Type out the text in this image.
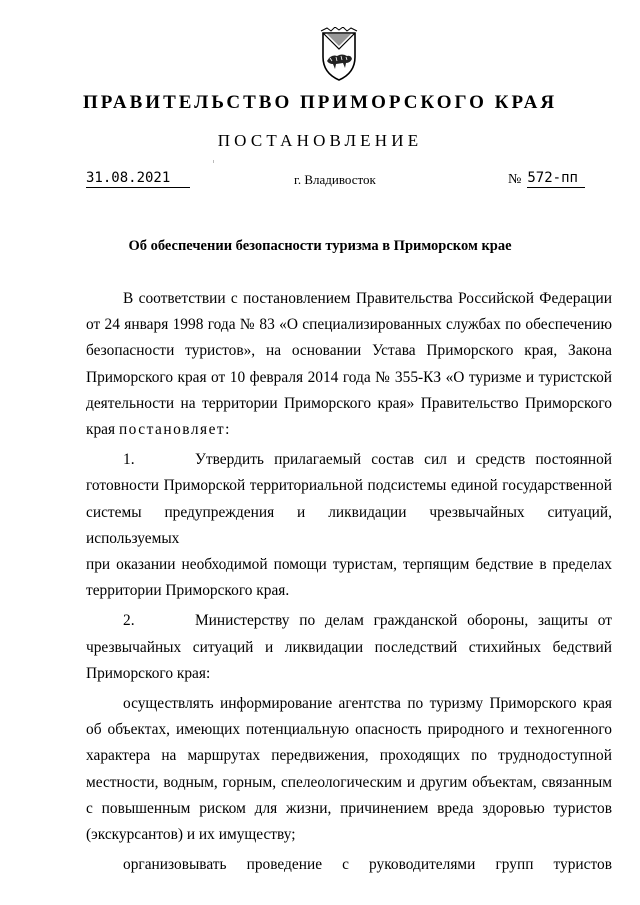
ПРАВИТЕЛЬСТВО ПРИМОРСКОГО КРАЯ
ПОСТАНОВЛЕНИЕ
31.08.2021	г. Владивосток	№ 572-пп
Об обеспечении безопасности туризма в Приморском крае

В соответствии с постановлением Правительства Российской Федерации

от 24 января 1998 года № 83 «О специализированных службах по обеспечению

безопасности туристов», на основании Устава Приморского края, Закона

Приморского края от 10 февраля 2014 года № 355-КЗ «О туризме и туристской

деятельности на территории Приморского края» Правительство Приморского

края постановляет:

1.	Утвердить прилагаемый состав сил и средств постоянной

готовности Приморской территориальной подсистемы единой государственной

системы предупреждения и ликвидации чрезвычайных ситуаций, используемых

при оказании необходимой помощи туристам, терпящим бедствие в пределах

территории Приморского края.

2.	Министерству по делам гражданской обороны, защиты от

чрезвычайных ситуаций и ликвидации последствий стихийных бедствий

Приморского края:

осуществлять информирование агентства по туризму Приморского края

об объектах, имеющих потенциальную опасность природного и техногенного

характера на маршрутах передвижения, проходящих по труднодоступной

местности, водным, горным, спелеологическим и другим объектам, связанным

с повышенным риском для жизни, причинением вреда здоровью туристов

(экскурсантов) и их имуществу;

организовывать проведение с руководителями групп туристов
